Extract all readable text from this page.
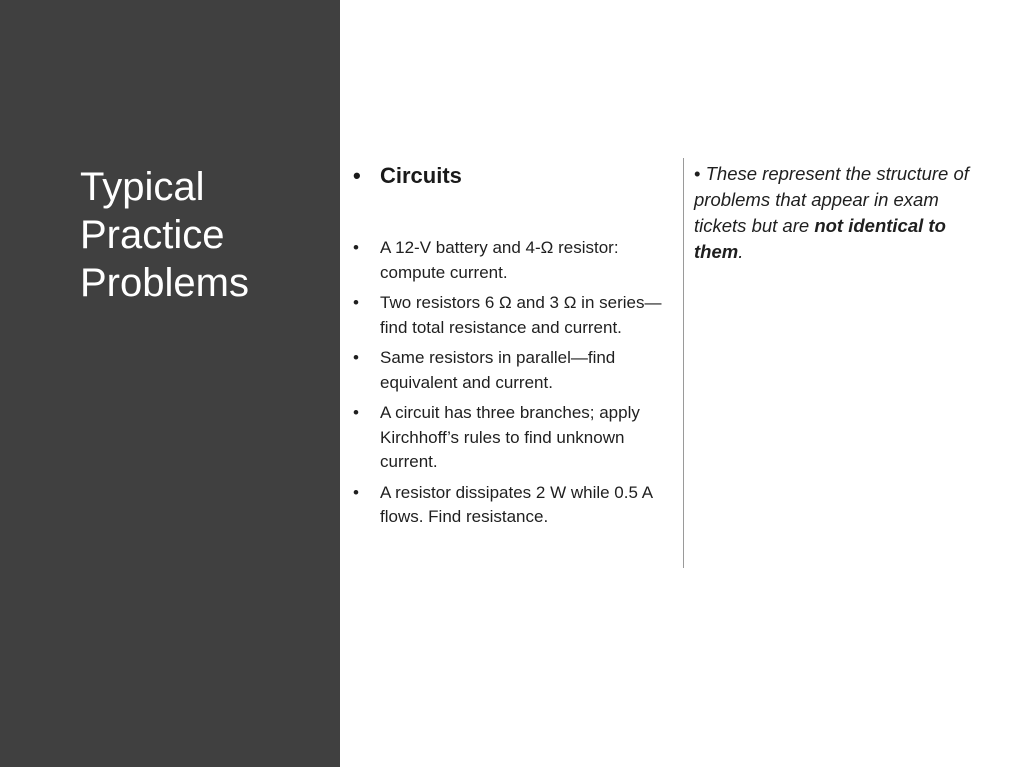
Typical
Practice
Problems
• Circuits
•	A 12-V battery and 4-Ω resistor: compute current.
•	Two resistors 6 Ω and 3 Ω in series—find total resistance and current.
•	Same resistors in parallel—find equivalent and current.
•	A circuit has three branches; apply Kirchhoff’s rules to find unknown current.
•	A resistor dissipates 2 W while 0.5 A flows. Find resistance.
• These represent the structure of problems that appear in exam tickets but are not identical to them.
